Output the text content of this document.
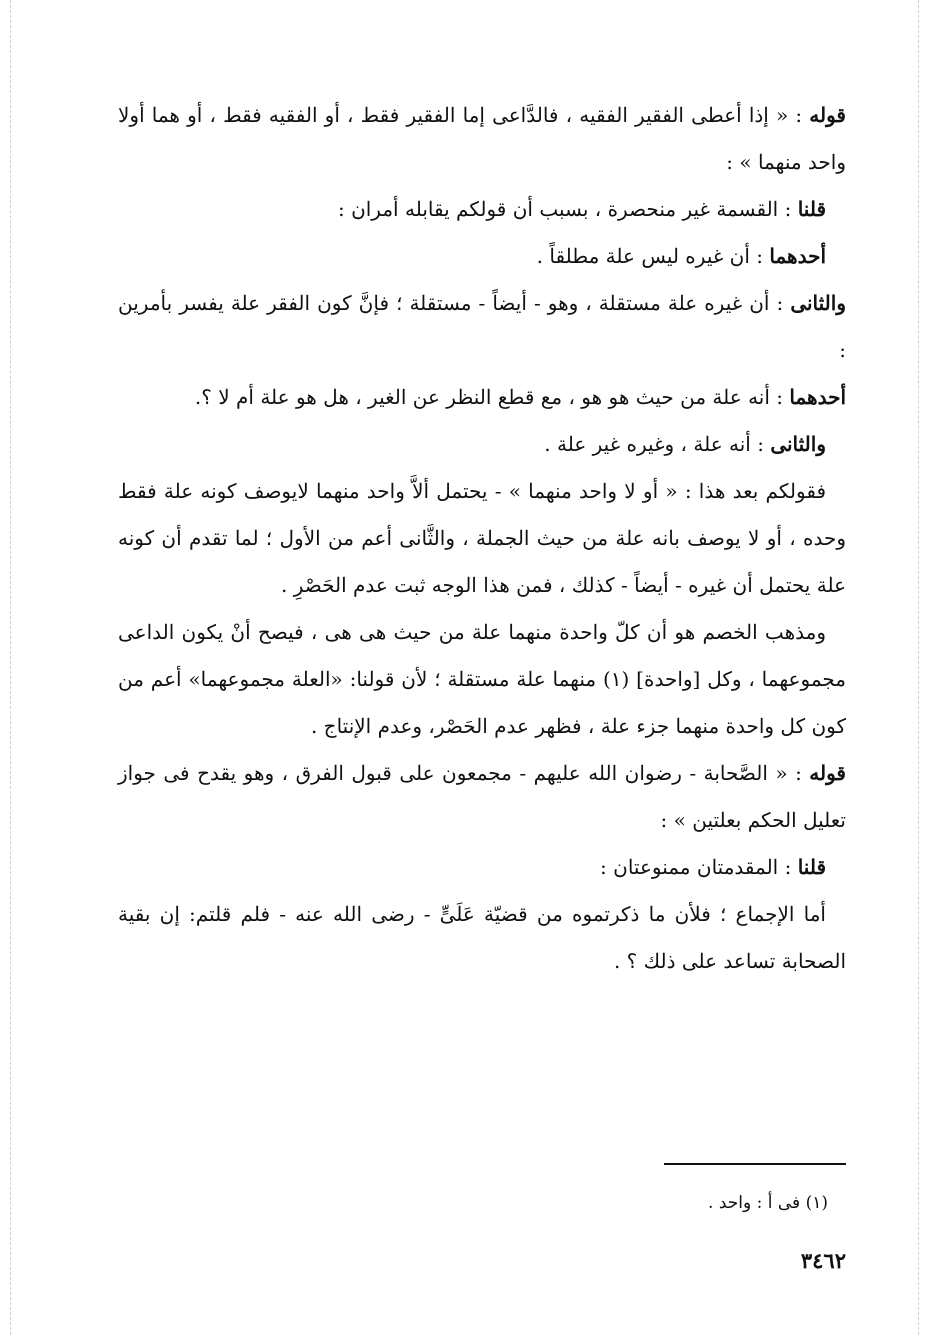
قوله : « إذا أعطى الفقير الفقيه ، فالدَّاعى إما الفقير فقط ، أو الفقيه فقط ، أو هما أولا واحد منهما » :

قلنا : القسمة غير منحصرة ، بسبب أن قولكم يقابله أمران :

أحدهما : أن غيره ليس علة مطلقاً .

والثانى : أن غيره علة مستقلة ، وهو - أيضاً - مستقلة ؛ فإنَّ كون الفقر علة يفسر بأمرين :

أحدهما : أنه علة من حيث هو هو ، مع قطع النظر عن الغير ، هل هو علة أم لا ؟.

والثانى : أنه علة ، وغيره غير علة .

فقولكم بعد هذا : « أو لا واحد منهما » - يحتمل ألاَّ واحد منهما لايوصف كونه علة فقط وحده ، أو لا يوصف بانه علة من حيث الجملة ، والثَّانى أعم من الأول ؛ لما تقدم أن كونه علة يحتمل أن غيره - أيضاً - كذلك ، فمن هذا الوجه ثبت عدم الحَصْرِ .

ومذهب الخصم هو أن كلّ واحدة منهما علة من حيث هى هى ، فيصح أنْ يكون الداعى مجموعهما ، وكل [واحدة] (١) منهما علة مستقلة ؛ لأن قولنا: «العلة مجموعهما» أعم من كون كل واحدة منهما جزء علة ، فظهر عدم الحَصْر، وعدم الإنتاج .

قوله : « الصَّحابة - رضوان الله عليهم - مجمعون على قبول الفرق ، وهو يقدح فى جواز تعليل الحكم بعلتين » :

قلنا : المقدمتان ممنوعتان :

أما الإجماع ؛ فلأن ما ذكرتموه من قضيّة عَلَىٍّ - رضى الله عنه - فلم قلتم: إن بقية الصحابة تساعد على ذلك ؟ .

(١) فى أ : واحد .
٣٤٦٢
